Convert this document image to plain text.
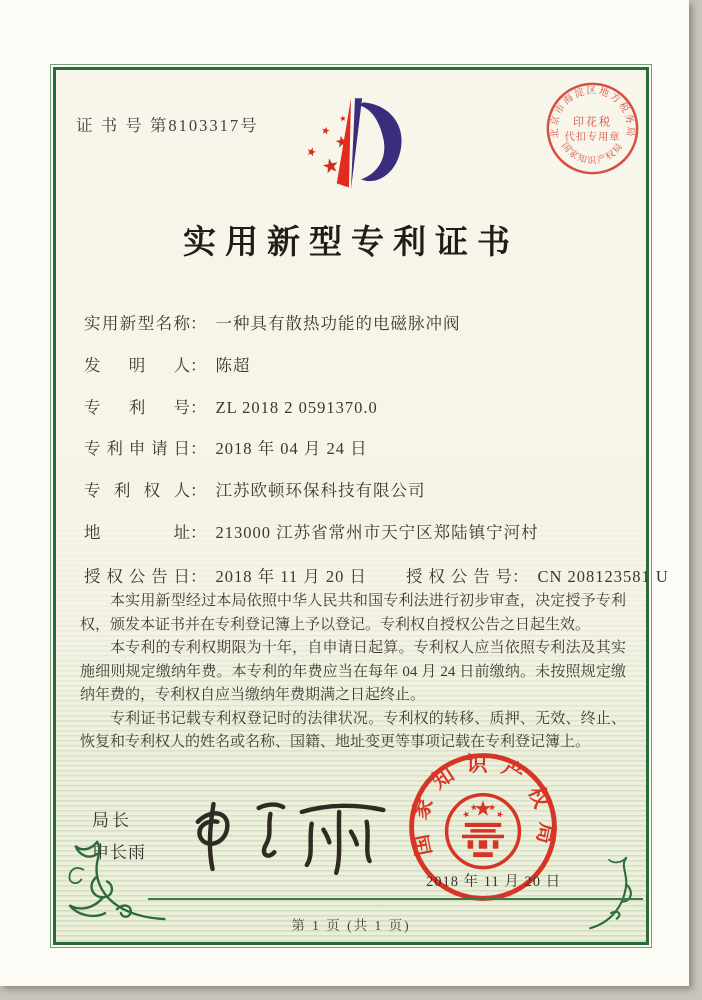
证 书 号 第8103317号	北京市海淀区地方税务局
国家知识产权局
印花税
代扣专用章
实用新型专利证书
实用新型名称 ： 一种具有散热功能的电磁脉冲阀
发明人 ： 陈超
专利号 ： ZL 2018 2 0591370.0
专利申请日 ： 2018 年 04 月 24 日
专利权人 ： 江苏欧顿环保科技有限公司
地址 ： 213000 江苏省常州市天宁区郑陆镇宁河村
授权公告日 ： 2018 年 11 月 20 日 授权公告号 ： CN 208123581 U

本实用新型经过本局依照中华人民共和国专利法进行初步审查，决定授予专利权，颁发本证书并在专利登记簿上予以登记。专利权自授权公告之日起生效。

本专利的专利权期限为十年，自申请日起算。专利权人应当依照专利法及其实施细则规定缴纳年费。本专利的年费应当在每年 04 月 24 日前缴纳。未按照规定缴纳年费的，专利权自应当缴纳年费期满之日起终止。

专利证书记载专利权登记时的法律状况。专利权的转移、质押、无效、终止、恢复和专利权人的姓名或名称、国籍、地址变更等事项记载在专利登记簿上。

局长
申长雨	国家知识产权局
2018 年 11 月 20 日
第 1 页 (共 1 页)
